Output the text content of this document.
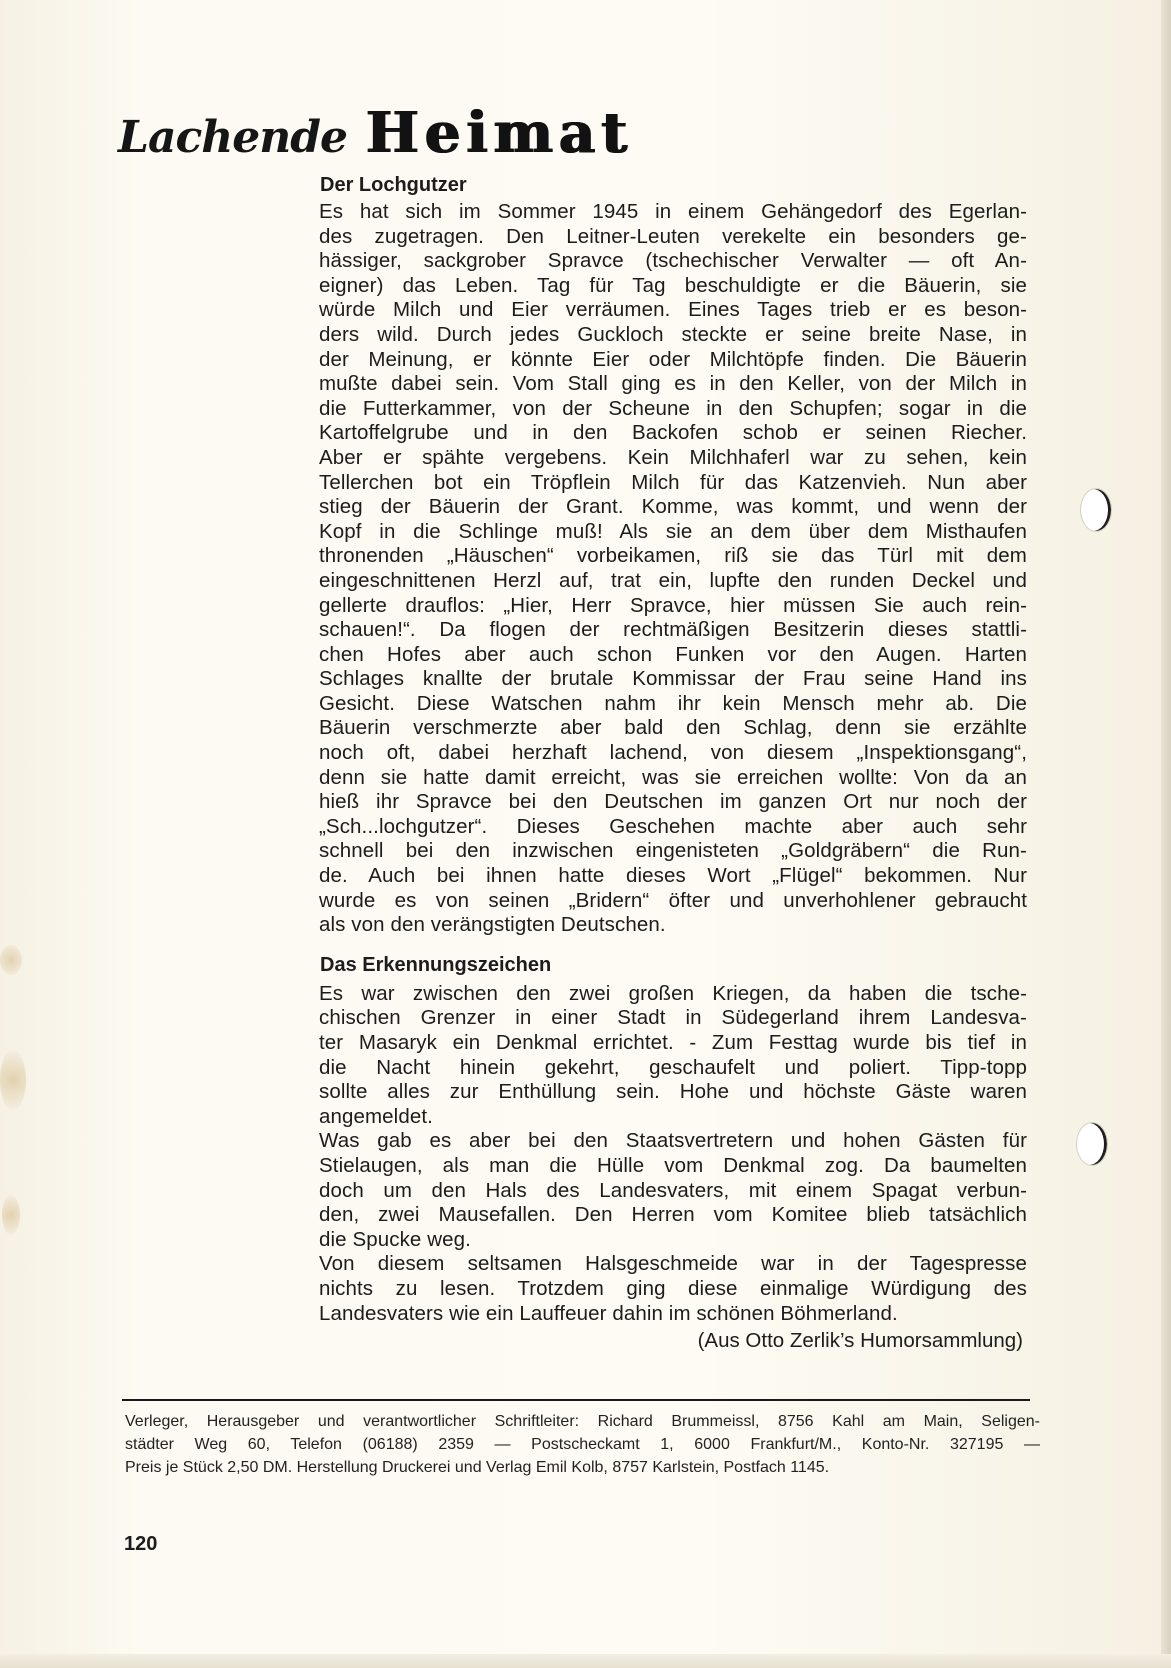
Lachende Heimat
Der Lochgutzer

Es hat sich im Sommer 1945 in einem Gehängedorf des Egerlan-
des zugetragen. Den Leitner-Leuten verekelte ein besonders ge-
hässiger, sackgrober Spravce (tschechischer Verwalter — oft An-
eigner) das Leben. Tag für Tag beschuldigte er die Bäuerin, sie
würde Milch und Eier verräumen. Eines Tages trieb er es beson-
ders wild. Durch jedes Guckloch steckte er seine breite Nase, in
der Meinung, er könnte Eier oder Milchtöpfe finden. Die Bäuerin
mußte dabei sein. Vom Stall ging es in den Keller, von der Milch in
die Futterkammer, von der Scheune in den Schupfen; sogar in die
Kartoffelgrube und in den Backofen schob er seinen Riecher.
Aber er spähte vergebens. Kein Milchhaferl war zu sehen, kein
Tellerchen bot ein Tröpflein Milch für das Katzenvieh. Nun aber
stieg der Bäuerin der Grant. Komme, was kommt, und wenn der
Kopf in die Schlinge muß! Als sie an dem über dem Misthaufen
thronenden „Häuschen“ vorbeikamen, riß sie das Türl mit dem
eingeschnittenen Herzl auf, trat ein, lupfte den runden Deckel und
gellerte drauflos: „Hier, Herr Spravce, hier müssen Sie auch rein-
schauen!“. Da flogen der rechtmäßigen Besitzerin dieses stattli-
chen Hofes aber auch schon Funken vor den Augen. Harten
Schlages knallte der brutale Kommissar der Frau seine Hand ins
Gesicht. Diese Watschen nahm ihr kein Mensch mehr ab. Die
Bäuerin verschmerzte aber bald den Schlag, denn sie erzählte
noch oft, dabei herzhaft lachend, von diesem „Inspektionsgang“,
denn sie hatte damit erreicht, was sie erreichen wollte: Von da an
hieß ihr Spravce bei den Deutschen im ganzen Ort nur noch der
„Sch...lochgutzer“. Dieses Geschehen machte aber auch sehr
schnell bei den inzwischen eingenisteten „Goldgräbern“ die Run-
de. Auch bei ihnen hatte dieses Wort „Flügel“ bekommen. Nur
wurde es von seinen „Bridern“ öfter und unverhohlener gebraucht
als von den verängstigten Deutschen.

Das Erkennungszeichen

Es war zwischen den zwei großen Kriegen, da haben die tsche-
chischen Grenzer in einer Stadt in Südegerland ihrem Landesva-
ter Masaryk ein Denkmal errichtet. - Zum Festtag wurde bis tief in
die Nacht hinein gekehrt, geschaufelt und poliert. Tipp-topp
sollte alles zur Enthüllung sein. Hohe und höchste Gäste waren
angemeldet.

Was gab es aber bei den Staatsvertretern und hohen Gästen für
Stielaugen, als man die Hülle vom Denkmal zog. Da baumelten
doch um den Hals des Landesvaters, mit einem Spagat verbun-
den, zwei Mausefallen. Den Herren vom Komitee blieb tatsächlich
die Spucke weg.

Von diesem seltsamen Halsgeschmeide war in der Tagespresse
nichts zu lesen. Trotzdem ging diese einmalige Würdigung des
Landesvaters wie ein Lauffeuer dahin im schönen Böhmerland.

(Aus Otto Zerlik’s Humorsammlung)
Verleger, Herausgeber und verantwortlicher Schriftleiter: Richard Brummeissl, 8756 Kahl am Main, Seligen-
städter Weg 60, Telefon (06188) 2359 — Postscheckamt 1, 6000 Frankfurt/M., Konto-Nr. 327195 —
Preis je Stück 2,50 DM. Herstellung Druckerei und Verlag Emil Kolb, 8757 Karlstein, Postfach 1145.
120
